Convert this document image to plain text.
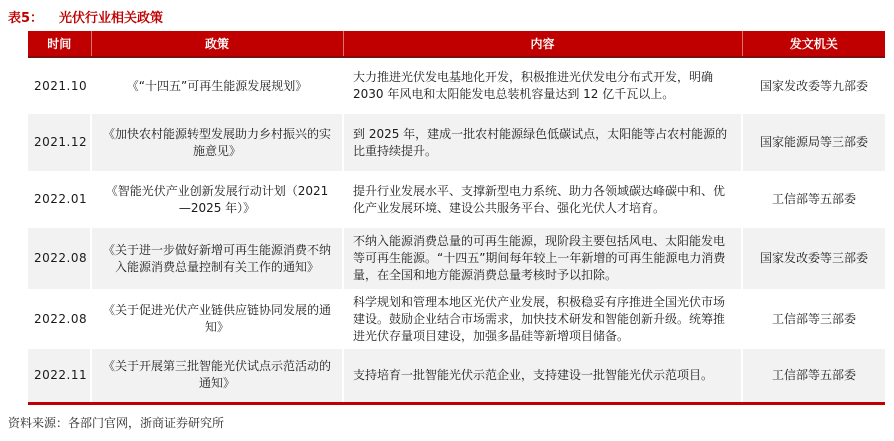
表5： 光伏行业相关政策
时间	政策	内容	发文机关
2021.10	《“十四五”可再生能源发展规划》	大力推进光伏发电基地化开发，积极推进光伏发电分布式开发，明确 2030 年风电和太阳能发电总装机容量达到 12 亿千瓦以上。	国家发改委等九部委
2021.12	《加快农村能源转型发展助力乡村振兴的实施意见》	到 2025 年，建成一批农村能源绿色低碳试点，太阳能等占农村能源的比重持续提升。	国家能源局等三部委
2022.01	《智能光伏产业创新发展行动计划（2021—2025 年）》	提升行业发展水平、支撑新型电力系统、助力各领域碳达峰碳中和、优化产业发展环境、建设公共服务平台、强化光伏人才培育。	工信部等五部委
2022.08	《关于进一步做好新增可再生能源消费不纳入能源消费总量控制有关工作的通知》	不纳入能源消费总量的可再生能源，现阶段主要包括风电、太阳能发电等可再生能源。“十四五”期间每年较上一年新增的可再生能源电力消费量，在全国和地方能源消费总量考核时予以扣除。	国家发改委等三部委
2022.08	《关于促进光伏产业链供应链协同发展的通知》	科学规划和管理本地区光伏产业发展，积极稳妥有序推进全国光伏市场建设。鼓励企业结合市场需求，加快技术研发和智能创新升级。统筹推进光伏存量项目建设，加强多晶硅等新增项目储备。	工信部等三部委
2022.11	《关于开展第三批智能光伏试点示范活动的通知》	支持培育一批智能光伏示范企业，支持建设一批智能光伏示范项目。	工信部等五部委
资料来源：各部门官网，浙商证券研究所
